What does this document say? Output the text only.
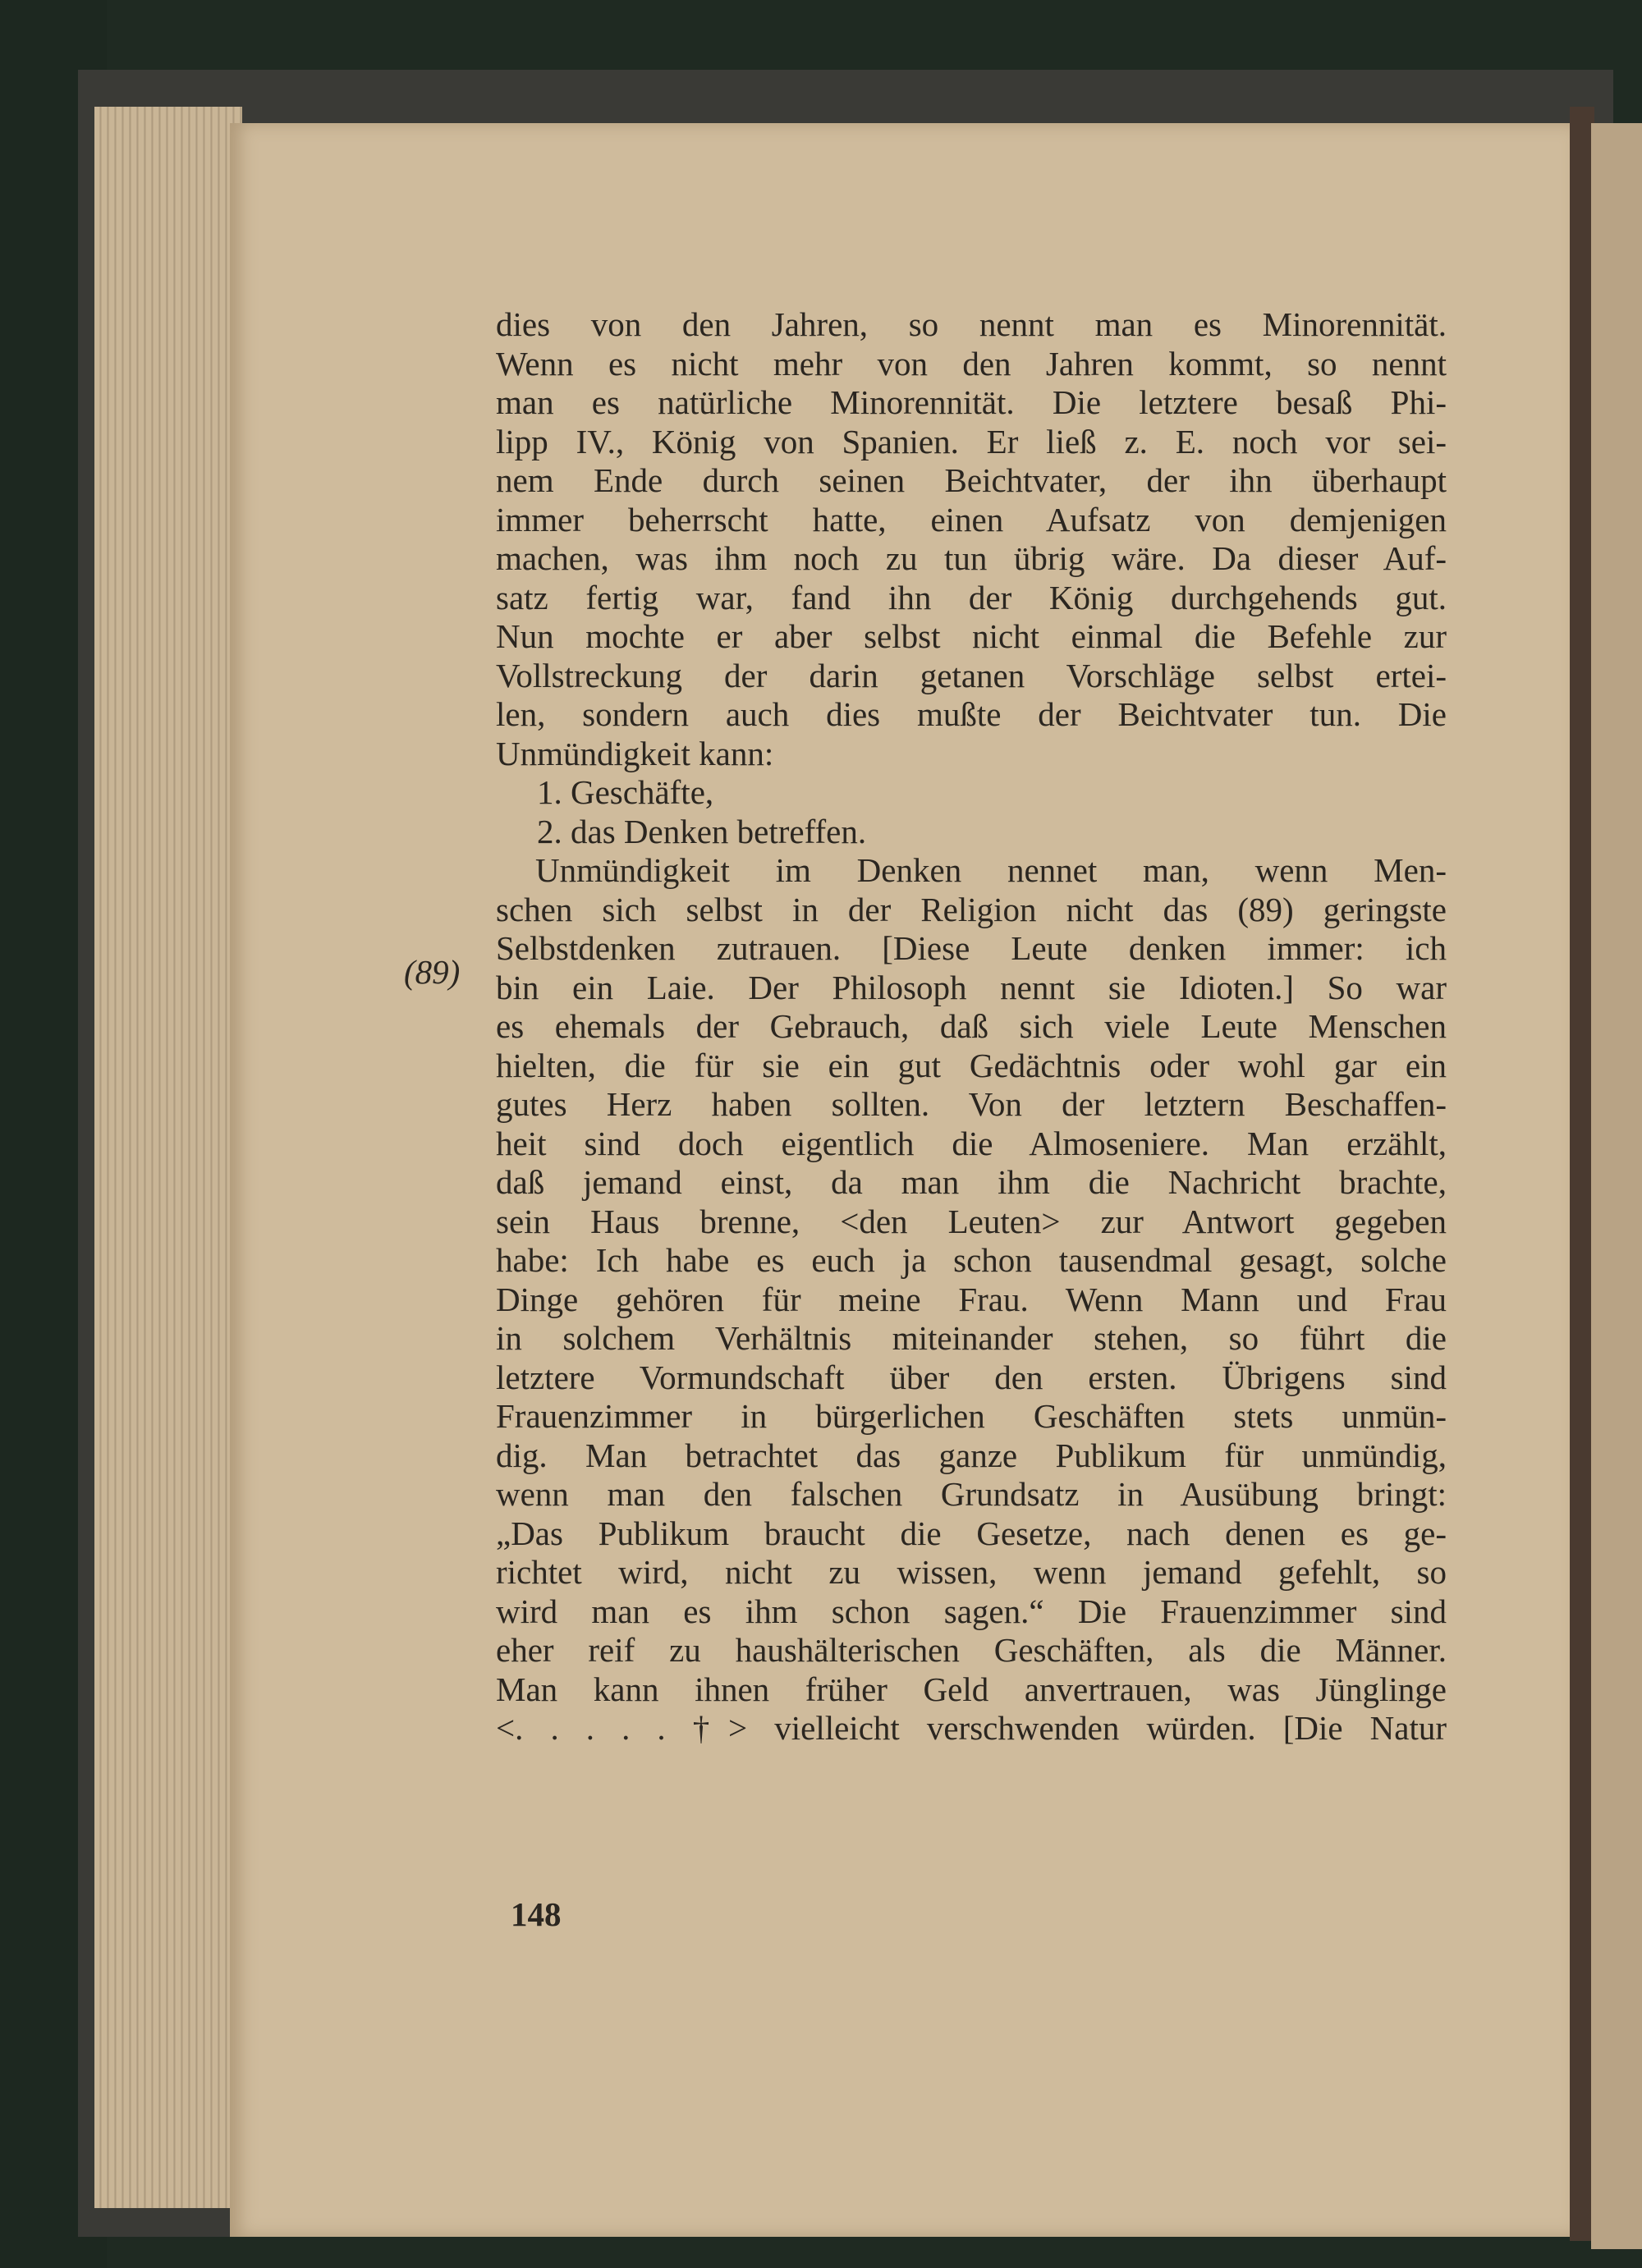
(89)
dies von den Jahren, so nennt man es Minorennität.
Wenn es nicht mehr von den Jahren kommt, so nennt
man es natürliche Minorennität. Die letztere besaß Phi-
lipp IV., König von Spanien. Er ließ z. E. noch vor sei-
nem Ende durch seinen Beichtvater, der ihn überhaupt
immer beherrscht hatte, einen Aufsatz von demjenigen
machen, was ihm noch zu tun übrig wäre. Da dieser Auf-
satz fertig war, fand ihn der König durchgehends gut.
Nun mochte er aber selbst nicht einmal die Befehle zur
Vollstreckung der darin getanen Vorschläge selbst ertei-
len, sondern auch dies mußte der Beichtvater tun. Die
Unmündigkeit kann:
1. Geschäfte,
2. das Denken betreffen.
Unmündigkeit im Denken nennet man, wenn Men-
schen sich selbst in der Religion nicht das (89) geringste
Selbstdenken zutrauen. [Diese Leute denken immer: ich
bin ein Laie. Der Philosoph nennt sie Idioten.] So war
es ehemals der Gebrauch, daß sich viele Leute Menschen
hielten, die für sie ein gut Gedächtnis oder wohl gar ein
gutes Herz haben sollten. Von der letztern Beschaffen-
heit sind doch eigentlich die Almoseniere. Man erzählt,
daß jemand einst, da man ihm die Nachricht brachte,
sein Haus brenne, <den Leuten> zur Antwort gegeben
habe: Ich habe es euch ja schon tausendmal gesagt, solche
Dinge gehören für meine Frau. Wenn Mann und Frau
in solchem Verhältnis miteinander stehen, so führt die
letztere Vormundschaft über den ersten. Übrigens sind
Frauenzimmer in bürgerlichen Geschäften stets unmün-
dig. Man betrachtet das ganze Publikum für unmündig,
wenn man den falschen Grundsatz in Ausübung bringt:
„Das Publikum braucht die Gesetze, nach denen es ge-
richtet wird, nicht zu wissen, wenn jemand gefehlt, so
wird man es ihm schon sagen.“ Die Frauenzimmer sind
eher reif zu haushälterischen Geschäften, als die Männer.
Man kann ihnen früher Geld anvertrauen, was Jünglinge
<. . . . . †> vielleicht verschwenden würden. [Die Natur
148
